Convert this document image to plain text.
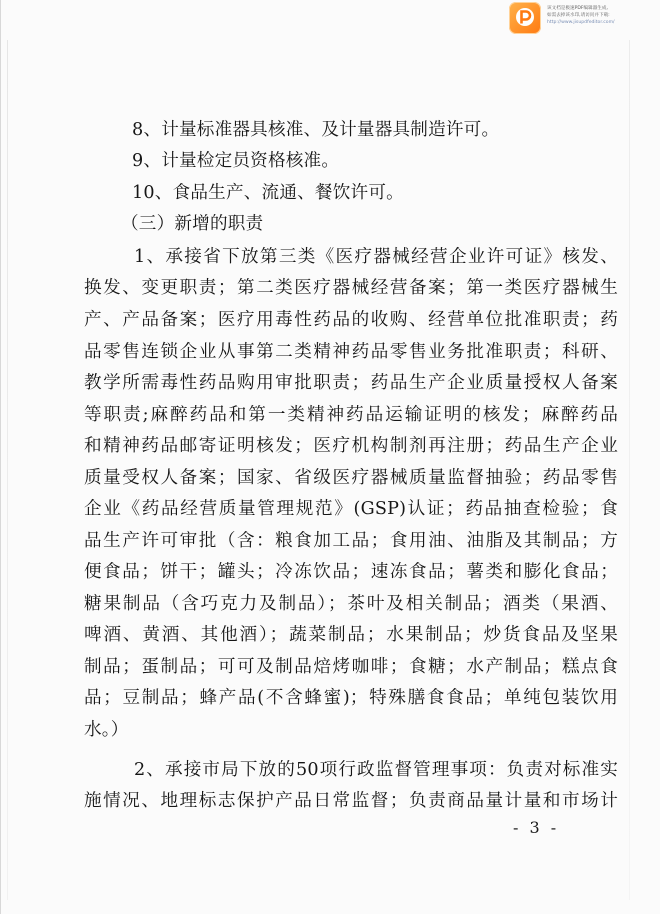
该文档是极速PDF编辑器生成,
如需去掉该水印,请访问并下载:
http://www.jisupdfeditor.com/
8、计量标准器具核准、及计量器具制造许可。
9、计量检定员资格核准。
10、食品生产、流通、餐饮许可。
（三）新增的职责
1、承接省下放第三类《医疗器械经营企业许可证》核发、
换发、变更职责；第二类医疗器械经营备案；第一类医疗器械生
产、产品备案；医疗用毒性药品的收购、经营单位批准职责；药
品零售连锁企业从事第二类精神药品零售业务批准职责；科研、
教学所需毒性药品购用审批职责；药品生产企业质量授权人备案
等职责;麻醉药品和第一类精神药品运输证明的核发；麻醉药品
和精神药品邮寄证明核发；医疗机构制剂再注册；药品生产企业
质量受权人备案；国家、省级医疗器械质量监督抽验；药品零售
企业《药品经营质量管理规范》(GSP)认证；药品抽查检验；食
品生产许可审批（含：粮食加工品；食用油、油脂及其制品；方
便食品；饼干；罐头；冷冻饮品；速冻食品；薯类和膨化食品；
糖果制品（含巧克力及制品）；茶叶及相关制品；酒类（果酒、
啤酒、黄酒、其他酒）；蔬菜制品；水果制品；炒货食品及坚果
制品；蛋制品；可可及制品焙烤咖啡；食糖；水产制品；糕点食
品；豆制品；蜂产品(不含蜂蜜)；特殊膳食食品；单纯包装饮用
水。）
2、承接市局下放的50项行政监督管理事项：负责对标准实
施情况、地理标志保护产品日常监督；负责商品量计量和市场计
- 3 -
